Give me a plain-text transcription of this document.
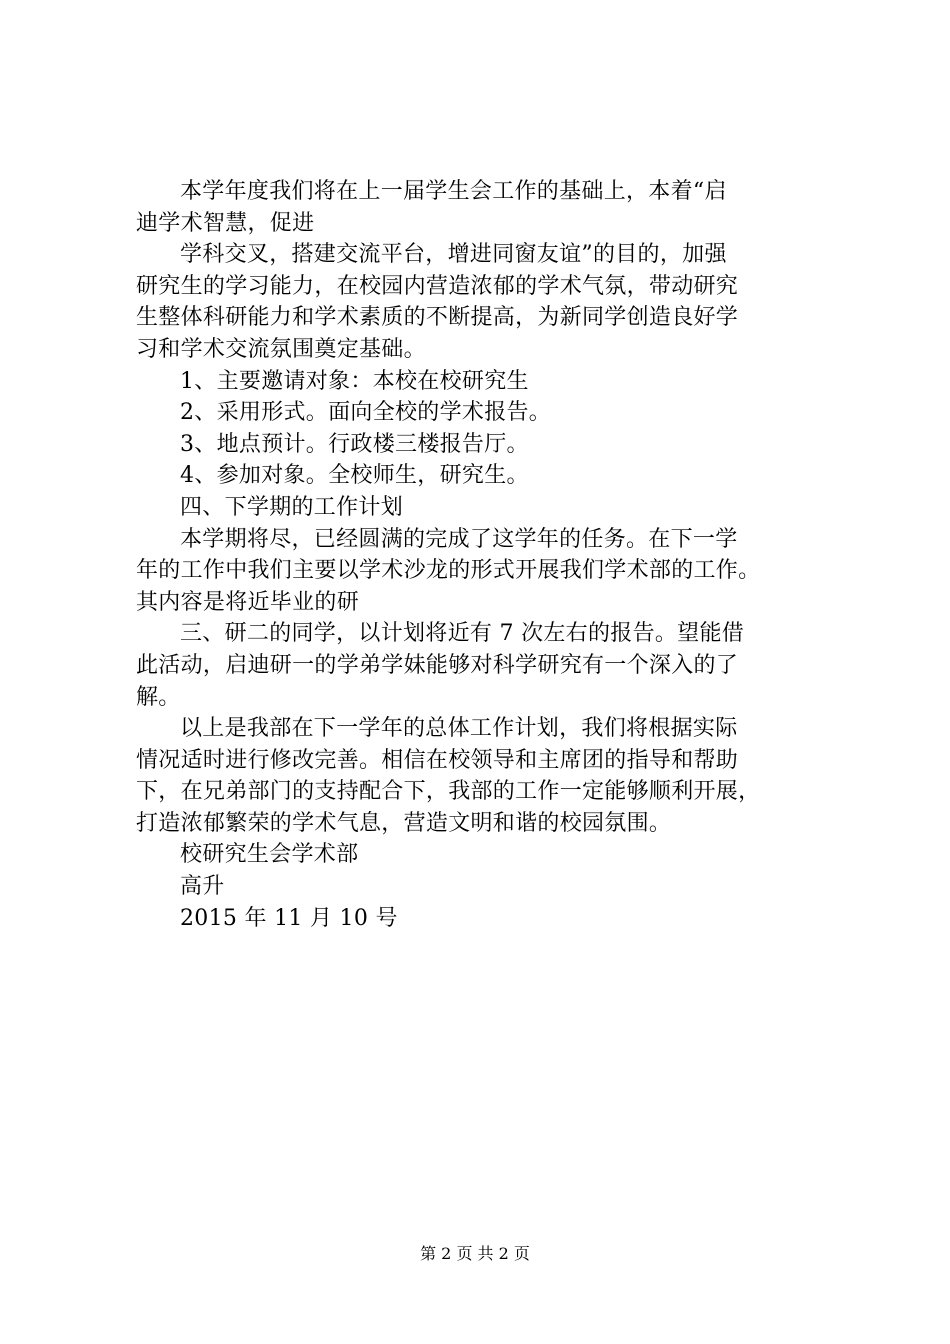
本学年度我们将在上一届学生会工作的基础上，本着“启
迪学术智慧，促进
学科交叉，搭建交流平台，增进同窗友谊”的目的，加强
研究生的学习能力，在校园内营造浓郁的学术气氛，带动研究
生整体科研能力和学术素质的不断提高，为新同学创造良好学
习和学术交流氛围奠定基础。
1、主要邀请对象：本校在校研究生
2、采用形式。面向全校的学术报告。
3、地点预计。行政楼三楼报告厅。
4、参加对象。全校师生，研究生。
四、下学期的工作计划
本学期将尽，已经圆满的完成了这学年的任务。在下一学
年的工作中我们主要以学术沙龙的形式开展我们学术部的工作。
其内容是将近毕业的研
三、研二的同学，以计划将近有 7 次左右的报告。望能借
此活动，启迪研一的学弟学妹能够对科学研究有一个深入的了
解。
以上是我部在下一学年的总体工作计划，我们将根据实际
情况适时进行修改完善。相信在校领导和主席团的指导和帮助
下，在兄弟部门的支持配合下，我部的工作一定能够顺利开展，
打造浓郁繁荣的学术气息，营造文明和谐的校园氛围。
校研究生会学术部
高升
2015 年 11 月 10 号
第 2 页 共 2 页
